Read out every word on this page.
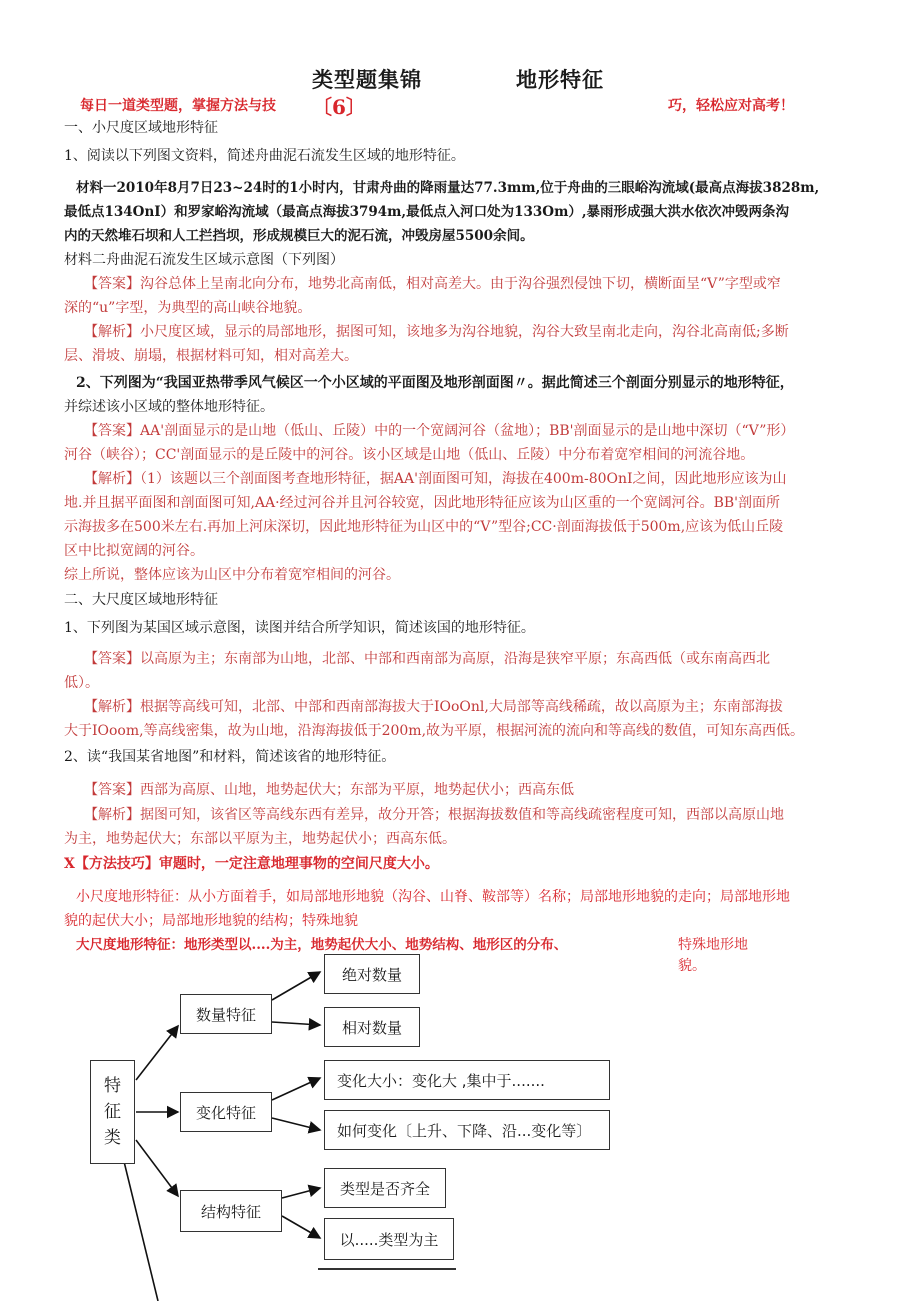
类型题集锦	地形特征
每日一道类型题，掌握方法与技 〔6〕	巧，轻松应对高考！
一、小尺度区域地形特征
1、阅读以下列图文资料，简述舟曲泥石流发生区域的地形特征。
材料一2010年8月7日23~24时的1小时内，甘肃舟曲的降雨量达77.3mm,位于舟曲的三眼峪沟流域(最高点海拔3828m,
最低点134OnI）和罗家峪沟流域（最高点海拔3794m,最低点入河口处为133Om）,暴雨形成强大洪水依次冲毁两条沟
内的天然堆石坝和人工拦挡坝，形成规模巨大的泥石流，冲毁房屋5500余间。
材料二舟曲泥石流发生区域示意图（下列图）
【答案】沟谷总体上呈南北向分布，地势北高南低，相对高差大。由于沟谷强烈侵蚀下切，横断面呈“V”字型或窄
深的“u”字型，为典型的高山峡谷地貌。
【解析】小尺度区域，显示的局部地形，据图可知，该地多为沟谷地貌，沟谷大致呈南北走向，沟谷北高南低;多断
层、滑坡、崩塌，根据材料可知，相对高差大。
2、下列图为“我国亚热带季风气候区一个小区域的平面图及地形剖面图〃。据此简述三个剖面分别显示的地形特征，
并综述该小区域的整体地形特征。
【答案】AA'剖面显示的是山地（低山、丘陵）中的一个宽阔河谷（盆地）；BB'剖面显示的是山地中深切（“V”形）
河谷（峡谷）；CC'剖面显示的是丘陵中的河谷。该小区域是山地（低山、丘陵）中分布着宽窄相间的河流谷地。
【解析】（1）该题以三个剖面图考查地形特征，据AA'剖面图可知，海拔在400m-80OnI之间，因此地形应该为山
地.并且据平面图和剖面图可知,AA·经过河谷并且河谷较宽，因此地形特征应该为山区重的一个宽阔河谷。BB'剖面所
示海拔多在500米左右.再加上河床深切，因此地形特征为山区中的“V”型谷;CC·剖面海拔低于500m,应该为低山丘陵
区中比拟宽阔的河谷。
综上所说，整体应该为山区中分布着宽窄相间的河谷。
二、大尺度区域地形特征
1、下列图为某国区域示意图，读图并结合所学知识，简述该国的地形特征。
【答案】以高原为主；东南部为山地，北部、中部和西南部为高原，沿海是狭窄平原；东高西低（或东南高西北
低）。
【解析】根据等高线可知，北部、中部和西南部海拔大于IOoOnl,大局部等高线稀疏，故以高原为主；东南部海拔
大于IOoom,等高线密集，故为山地，沿海海拔低于200m,故为平原，根据河流的流向和等高线的数值，可知东高西低。
2、读“我国某省地图”和材料，简述该省的地形特征。
【答案】西部为高原、山地，地势起伏大；东部为平原，地势起伏小；西高东低
【解析】据图可知，该省区等高线东西有差异，故分开答；根据海拔数值和等高线疏密程度可知，西部以高原山地
为主，地势起伏大；东部以平原为主，地势起伏小；西高东低。
X【方法技巧】审题时，一定注意地理事物的空间尺度大小。
小尺度地形特征：从小方面着手，如局部地形地貌（沟谷、山脊、鞍部等）名称；局部地形地貌的走向；局部地形地
貌的起伏大小；局部地形地貌的结构；特殊地貌
大尺度地形特征：地形类型以....为主，地势起伏大小、地势结构、地形区的分布、	特殊地形地
貌。
特征类
数量特征
绝对数量
相对数量
变化特征
变化大小：变化大 ,集中于.......
如何变化〔上升、下降、沿...变化等〕
结构特征
类型是否齐全
以.....类型为主
